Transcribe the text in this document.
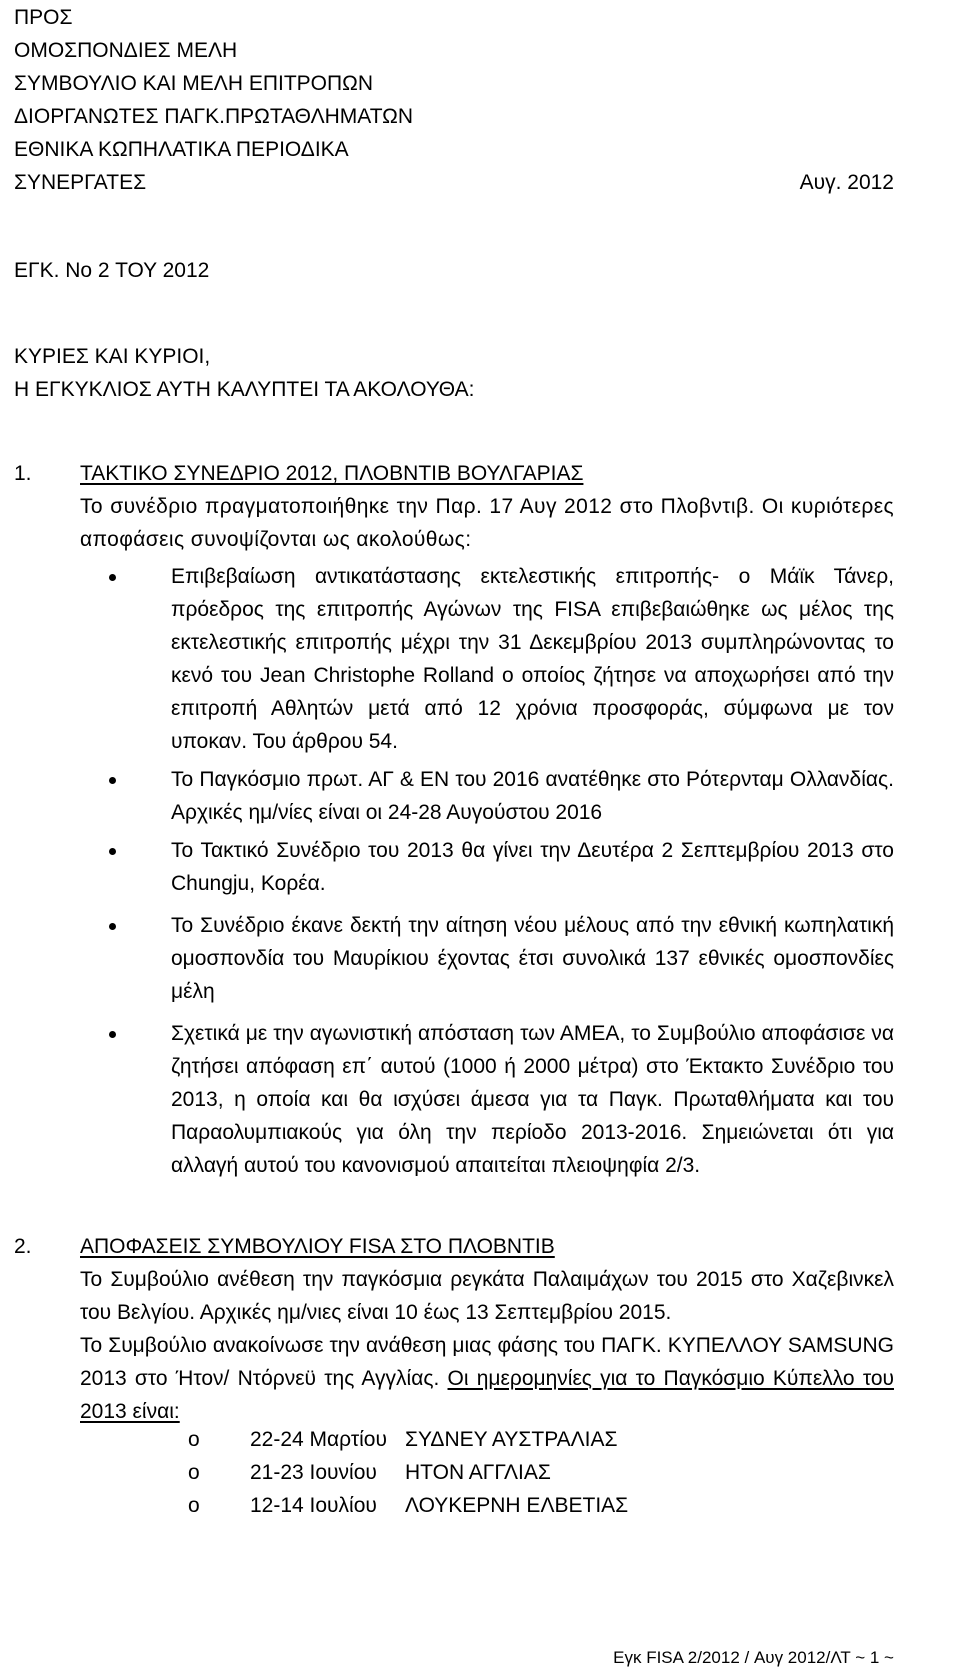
ΠΡΟΣ
ΟΜΟΣΠΟΝΔΙΕΣ ΜΕΛΗ
ΣΥΜΒΟΥΛΙΟ ΚΑΙ ΜΕΛΗ ΕΠΙΤΡΟΠΩΝ
ΔΙΟΡΓΑΝΩΤΕΣ ΠΑΓΚ.ΠΡΩΤΑΘΛΗΜΑΤΩΝ
ΕΘΝΙΚΑ ΚΩΠΗΛΑΤΙΚΑ ΠΕΡΙΟΔΙΚΑ
ΣΥΝΕΡΓΑΤΕΣ	Αυγ. 2012
ΕΓΚ. Νο 2 ΤΟΥ 2012
ΚΥΡΙΕΣ ΚΑΙ ΚΥΡΙΟΙ,
Η ΕΓΚΥΚΛΙΟΣ ΑΥΤΗ ΚΑΛΥΠΤΕΙ ΤΑ ΑΚΟΛΟΥΘΑ:
1.	ΤΑΚΤΙΚΟ ΣΥΝΕΔΡΙΟ 2012, ΠΛΟΒΝΤΙΒ ΒΟΥΛΓΑΡΙΑΣ
Το συνέδριο πραγματοποιήθηκε την Παρ. 17 Αυγ 2012 στο Πλοβντιβ. Οι κυριότερες αποφάσεις συνοψίζονται ως ακολούθως:
Επιβεβαίωση αντικατάστασης εκτελεστικής επιτροπής- ο Μάϊκ Τάνερ, πρόεδρος της επιτροπής Αγώνων της FISA επιβεβαιώθηκε ως μέλος της εκτελεστικής επιτροπής μέχρι την 31 Δεκεμβρίου 2013 συμπληρώνοντας το κενό του Jean Christophe Rolland ο οποίος ζήτησε να αποχωρήσει από την επιτροπή Αθλητών μετά από 12 χρόνια προσφοράς, σύμφωνα με τον υποκαν. Του άρθρου 54.
Το Παγκόσμιο πρωτ. ΑΓ & ΕΝ του 2016 ανατέθηκε στο Ρότερνταμ Ολλανδίας. Αρχικές ημ/νίες είναι οι 24-28 Αυγούστου 2016
Το Τακτικό Συνέδριο του 2013 θα γίνει την Δευτέρα 2 Σεπτεμβρίου 2013 στο Chungju, Κορέα.
Το Συνέδριο έκανε δεκτή την αίτηση νέου μέλους από την εθνική κωπηλατική ομοσπονδία του Μαυρίκιου έχοντας έτσι συνολικά 137 εθνικές ομοσπονδίες μέλη
Σχετικά με την αγωνιστική απόσταση των ΑΜΕΑ, το Συμβούλιο αποφάσισε να ζητήσει απόφαση επ΄ αυτού (1000 ή 2000 μέτρα) στο Έκτακτο Συνέδριο του 2013, η οποία και θα ισχύσει άμεσα για τα Παγκ. Πρωταθλήματα και του Παραολυμπιακούς για όλη την περίοδο 2013-2016. Σημειώνεται ότι για αλλαγή αυτού του κανονισμού απαιτείται πλειοψηφία 2/3.
2.	ΑΠΟΦΑΣΕΙΣ ΣΥΜΒΟΥΛΙΟΥ FISA ΣΤΟ ΠΛΟΒΝΤΙΒ
Το Συμβούλιο ανέθεση την παγκόσμια ρεγκάτα Παλαιμάχων του 2015 στο Χαζεβινκελ του Βελγίου. Αρχικές ημ/νιες είναι 10 έως 13 Σεπτεμβρίου 2015.
Το Συμβούλιο ανακοίνωσε την ανάθεση μιας φάσης του ΠΑΓΚ. ΚΥΠΕΛΛΟΥ SAMSUNG 2013 στο Ήτον/ Ντόρνεϋ της Αγγλίας. Οι ημερομηνίες για το Παγκόσμιο Κύπελλο του 2013 είναι:
o	22-24 Μαρτίου ΣΥΔΝΕΥ ΑΥΣΤΡΑΛΙΑΣ
o	21-23 Ιουνίου	ΗΤΟΝ ΑΓΓΛΙΑΣ
o	12-14 Ιουλίου	ΛΟΥΚΕΡΝΗ ΕΛΒΕΤΙΑΣ
Εγκ FISA 2/2012 / Αυγ 2012/ΛΤ ~ 1 ~
